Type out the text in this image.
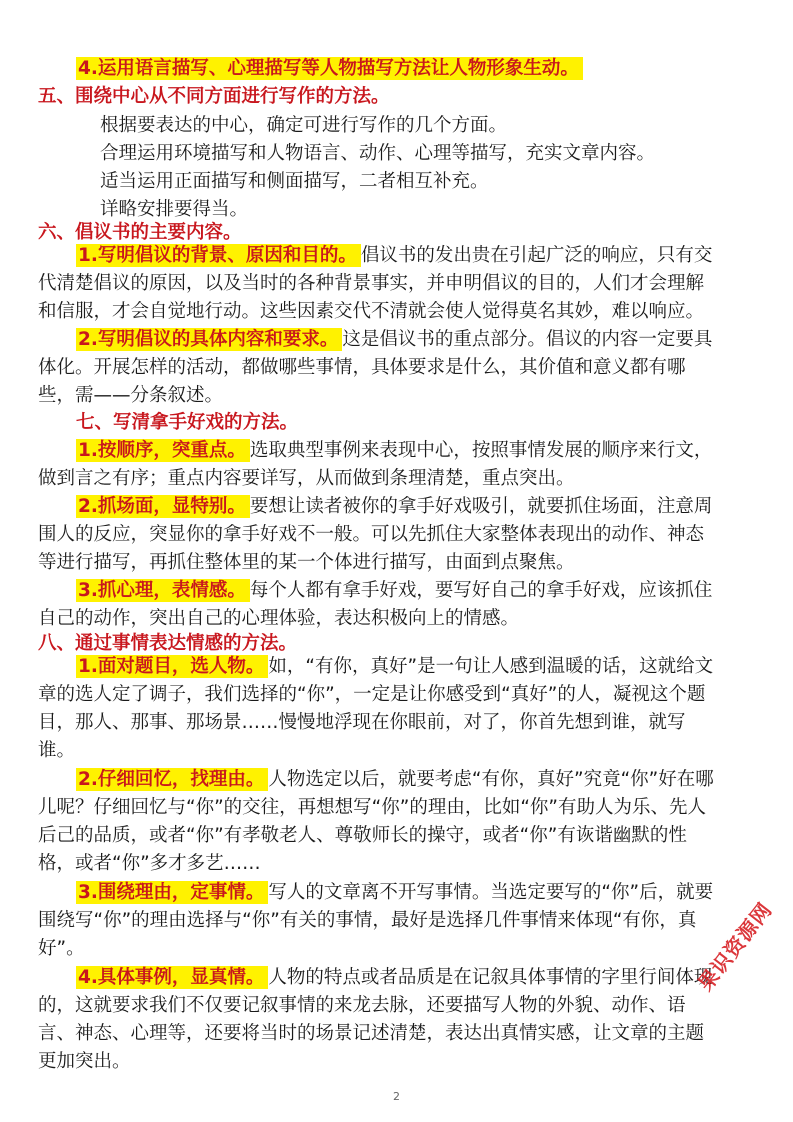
4.运用语言描写、心理描写等人物描写方法让人物形象生动。
五、围绕中心从不同方面进行写作的方法。
根据要表达的中心，确定可进行写作的几个方面。
合理运用环境描写和人物语言、动作、心理等描写，充实文章内容。
适当运用正面描写和侧面描写，二者相互补充。
详略安排要得当。
六、倡议书的主要内容。
1.写明倡议的背景、原因和目的。 倡议书的发出贵在引起广泛的响应，只有交
代清楚倡议的原因，以及当时的各种背景事实，并申明倡议的目的，人们才会理解
和信服，才会自觉地行动。这些因素交代不清就会使人觉得莫名其妙，难以响应。
2.写明倡议的具体内容和要求。 这是倡议书的重点部分。倡议的内容一定要具
体化。开展怎样的活动，都做哪些事情，具体要求是什么，其价值和意义都有哪
些，需——分条叙述。
七、写清拿手好戏的方法。
1.按顺序，突重点。 选取典型事例来表现中心，按照事情发展的顺序来行文，
做到言之有序；重点内容要详写，从而做到条理清楚，重点突出。
2.抓场面，显特别。 要想让读者被你的拿手好戏吸引，就要抓住场面，注意周
围人的反应，突显你的拿手好戏不一般。可以先抓住大家整体表现出的动作、神态
等进行描写，再抓住整体里的某一个体进行描写，由面到点聚焦。
3.抓心理，表情感。 每个人都有拿手好戏，要写好自己的拿手好戏，应该抓住
自己的动作，突出自己的心理体验，表达积极向上的情感。
八、通过事情表达情感的方法。
1.面对题目，选人物。 如，“有你，真好”是一句让人感到温暖的话，这就给文
章的选人定了调子，我们选择的“你”，一定是让你感受到“真好”的人，凝视这个题
目，那人、那事、那场景……慢慢地浮现在你眼前，对了，你首先想到谁，就写
谁。
2.仔细回忆，找理由。 人物选定以后，就要考虑“有你，真好”究竟“你”好在哪
儿呢？仔细回忆与“你”的交往，再想想写“你”的理由，比如“你”有助人为乐、先人
后己的品质，或者“你”有孝敬老人、尊敬师长的操守，或者“你”有诙谐幽默的性
格，或者“你”多才多艺……
3.围绕理由，定事情。 写人的文章离不开写事情。当选定要写的“你”后，就要
围绕写“你”的理由选择与“你”有关的事情，最好是选择几件事情来体现“有你，真
好”。
4.具体事例，显真情。 人物的特点或者品质是在记叙具体事情的字里行间体现
的，这就要求我们不仅要记叙事情的来龙去脉，还要描写人物的外貌、动作、语
言、神态、心理等，还要将当时的场景记述清楚，表达出真情实感，让文章的主题
更加突出。
2
果识资源网
